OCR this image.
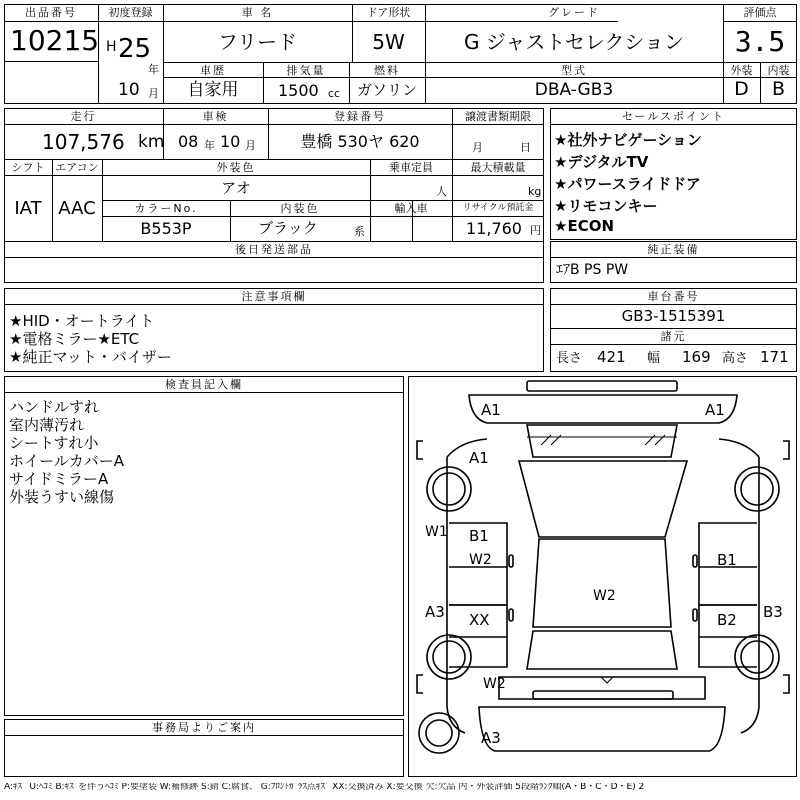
出品番号
10215
初度登録
H 25
年
10 月
車 名
フリード
ドア形状
5W
グレード
G ジャストセレクション
評価点
3.5
車歴
自家用
排気量
1500 cc
燃料
ガソリン
型式
DBA-GB3
外装
D
内装
B
走行
107,576 km
車検
08 年 10 月
登録番号
豊橋 530ヤ 620
譲渡書類期限
月	日
シフト
IAT
エアコン
AAC
外装色
アオ
乗車定員
人
最大積載量
kg
カラーNo.
B553P
内装色
ブラック	系
輸入車	リサイクル預託金
11,760 円
後日発送部品
セールスポイント
★社外ナビゲーション
★デジタルTV
★パワースライドドア
★リモコンキー
★ECON
純正装備
ｴｱB PS PW
注意事項欄
★HID・オートライト
★電格ミラー★ETC
★純正マット・バイザー
車台番号
GB3-1515391
諸元
長さ 421 幅 169 高さ 171
検査員記入欄
ハンドルすれ
室内薄汚れ
シートすれ小
ホイールカバーA
サイドミラーA
外装うすい線傷
事務局よりご案内
A1	A1
A1
W1 B1
W2
W2
B1
XX	B2
A3	B3
W2
A3
A:ｷｽﾞ U:ﾍｺﾐ B:ｷｽﾞを伴うﾍｺﾐ P:要塗装 W:補修跡 S:錆 C:腐食、 G:ﾌﾛﾝﾄｶﾞﾗｽ点ｷｽﾞ XX:交換済み X:要交換 欠:欠品 内・外装評価 5段階ﾗﾝｸ順(A・B・C・D・E) 2
